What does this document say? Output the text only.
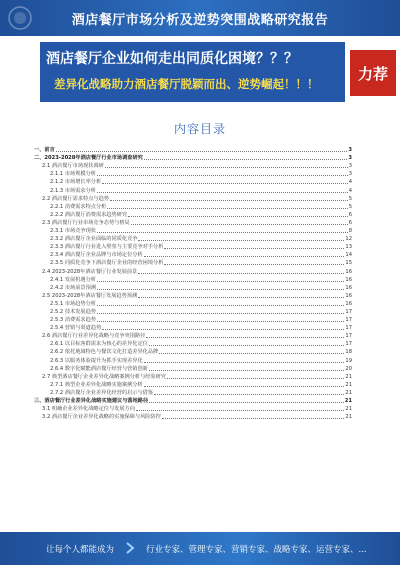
酒店餐厅市场分析及逆势突围战略研究报告
酒店餐厅企业如何走出同质化困境？？？
差异化战略助力酒店餐厅脱颖而出、逆势崛起！！！
力荐
内容目录
一、前言	3
二、2023-2028年酒店餐厅行业市场调查研究	3
2.1 酒店餐厅市场现状调研	3
2.1.1 市场规模分析	3
2.1.2 市场增长率分析	4
2.1.3 市场需求分析	4
2.2 酒店餐厅需求特点与趋势	5
2.2.1 消费需求特点分析	5
2.2.2 酒店餐厅消费需求趋势研究	6
2.3 酒店餐厅行业市场竞争态势与格局	6
2.3.1 市场竞争现状	8
2.3.2 酒店餐厅企业面临的同质化竞争	12
2.3.3 酒店餐厅行业进入壁垒与主要竞争对手分析	13
2.3.4 酒店餐厅企业品牌与市场定位分析	14
2.3.5 同质化竞争下酒店餐厅企业的经营困境分析	15
2.4 2023-2028年酒店餐厅行业发展前景	16
2.4.1 发展机遇分析	16
2.4.2 市场前景预测	16
2.5 2023-2028年酒店餐厅发展趋势预测	16
2.5.1 市场趋势分析	16
2.5.2 技术发展趋势	17
2.5.3 消费需求趋势	17
2.5.4 营销与渠道趋势	17
2.6 酒店餐厅行业差异化战略与竞争突围路径	17
2.6.1 以目标客群需求为核心的差异化定位	17
2.6.2 依托地域特色与餐饮文化打造差异化品牌	18
2.6.3 以服务体验提升为抓手实现差异化	19
2.6.4 数字化赋能酒店餐厅经营与营销创新	20
2.7 典型酒店餐厅企业差异化战略案例分析与经验研究	21
2.7.1 典型企业差异化战略实施案例分析	21
2.7.2 酒店餐厅企业差异化经营的启示与借鉴	21
三、酒店餐厅行业差异化战略实施建议与落地路径	21
3.1 明确企业差异化战略定位与发展方向	21
3.2 酒店餐厅企业差异化战略的实施保障与风险防控	21
让每个人都能成为	行业专家、管理专家、营销专家、战略专家、运营专家、...
